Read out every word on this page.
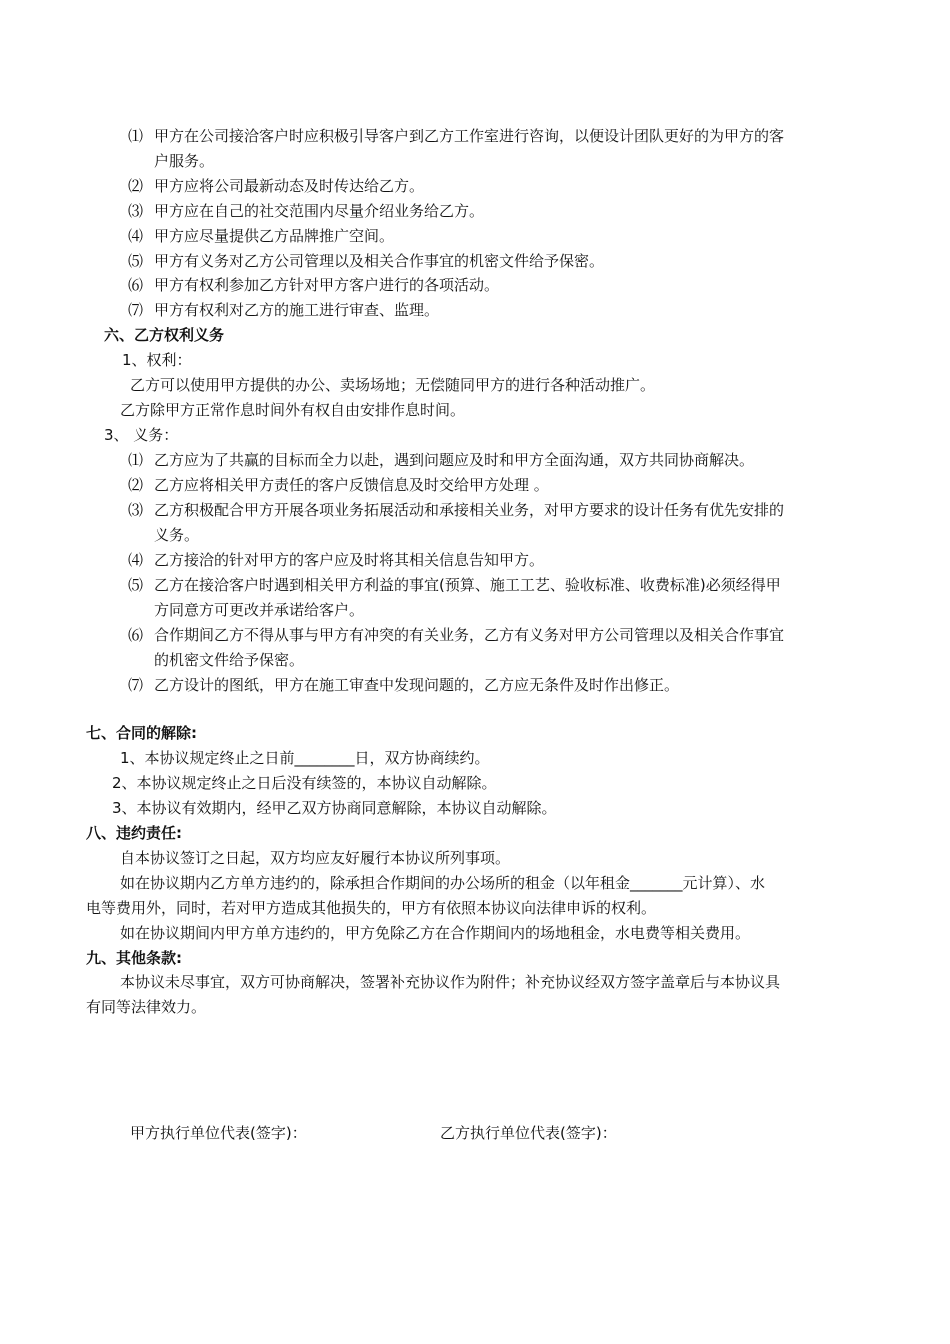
⑴ 甲方在公司接洽客户时应积极引导客户到乙方工作室进行咨询，以便设计团队更好的为甲方的客
户服务。
⑵ 甲方应将公司最新动态及时传达给乙方。
⑶ 甲方应在自己的社交范围内尽量介绍业务给乙方。
⑷ 甲方应尽量提供乙方品牌推广空间。
⑸ 甲方有义务对乙方公司管理以及相关合作事宜的机密文件给予保密。
⑹ 甲方有权利参加乙方针对甲方客户进行的各项活动。
⑺ 甲方有权利对乙方的施工进行审查、监理。
六、乙方权利义务
1、权利：
乙方可以使用甲方提供的办公、卖场场地；无偿随同甲方的进行各种活动推广。
乙方除甲方正常作息时间外有权自由安排作息时间。
3、 义务：
⑴ 乙方应为了共赢的目标而全力以赴，遇到问题应及时和甲方全面沟通，双方共同协商解决。
⑵ 乙方应将相关甲方责任的客户反馈信息及时交给甲方处理 。
⑶ 乙方积极配合甲方开展各项业务拓展活动和承接相关业务，对甲方要求的设计任务有优先安排的
义务。
⑷ 乙方接洽的针对甲方的客户应及时将其相关信息告知甲方。
⑸ 乙方在接洽客户时遇到相关甲方利益的事宜(预算、施工工艺、验收标准、收费标准)必须经得甲
方同意方可更改并承诺给客户。
⑹ 合作期间乙方不得从事与甲方有冲突的有关业务，乙方有义务对甲方公司管理以及相关合作事宜
的机密文件给予保密。
⑺ 乙方设计的图纸，甲方在施工审查中发现问题的，乙方应无条件及时作出修正。
七、合同的解除:
1、本协议规定终止之日前________日，双方协商续约。
2、本协议规定终止之日后没有续签的，本协议自动解除。
3、本协议有效期内，经甲乙双方协商同意解除，本协议自动解除。
八、违约责任:
自本协议签订之日起，双方均应友好履行本协议所列事项。
如在协议期内乙方单方违约的，除承担合作期间的办公场所的租金（以年租金_______元计算）、水
电等费用外，同时，若对甲方造成其他损失的，甲方有依照本协议向法律申诉的权利。
如在协议期间内甲方单方违约的，甲方免除乙方在合作期间内的场地租金，水电费等相关费用。
九、其他条款:
本协议未尽事宜，双方可协商解决，签署补充协议作为附件；补充协议经双方签字盖章后与本协议具
有同等法律效力。
甲方执行单位代表(签字)：	乙方执行单位代表(签字)：
